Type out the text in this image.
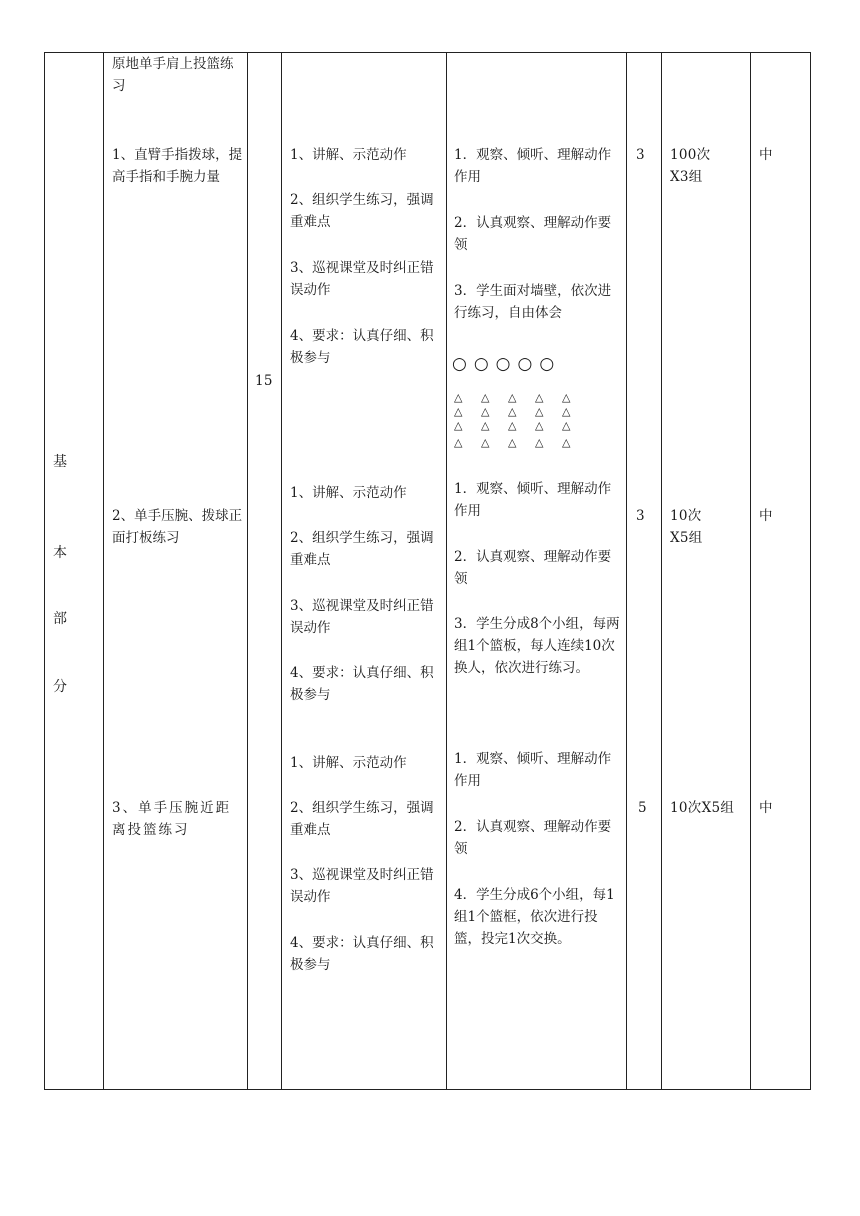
基
本
部
分
15
原地单手肩上投篮练习
1、直臂手指拨球，提高手指和手腕力量
2、单手压腕、拨球正面打板练习
3、单手压腕近距离投篮练习
1、讲解、示范动作
2、组织学生练习，强调重难点
3、巡视课堂及时纠正错误动作
4、要求：认真仔细、积极参与
1、讲解、示范动作
2、组织学生练习，强调重难点
3、巡视课堂及时纠正错误动作
4、要求：认真仔细、积极参与
1、讲解、示范动作
2、组织学生练习，强调重难点
3、巡视课堂及时纠正错误动作
4、要求：认真仔细、积极参与
1．观察、倾听、理解动作作用
2．认真观察、理解动作要领
3．学生面对墙壁，依次进行练习，自由体会
○○○○○
△ △ △ △ △
△ △ △ △ △
△ △ △ △ △
△ △ △ △ △
1．观察、倾听、理解动作作用
2．认真观察、理解动作要领
3．学生分成8个小组，每两组1个篮板，每人连续10次换人，依次进行练习。
1．观察、倾听、理解动作作用
2．认真观察、理解动作要领
4．学生分成6个小组，每1组1个篮框，依次进行投篮，投完1次交换。
3
3
5
100次
X3组
10次
X5组
10次X5组
中
中
中
